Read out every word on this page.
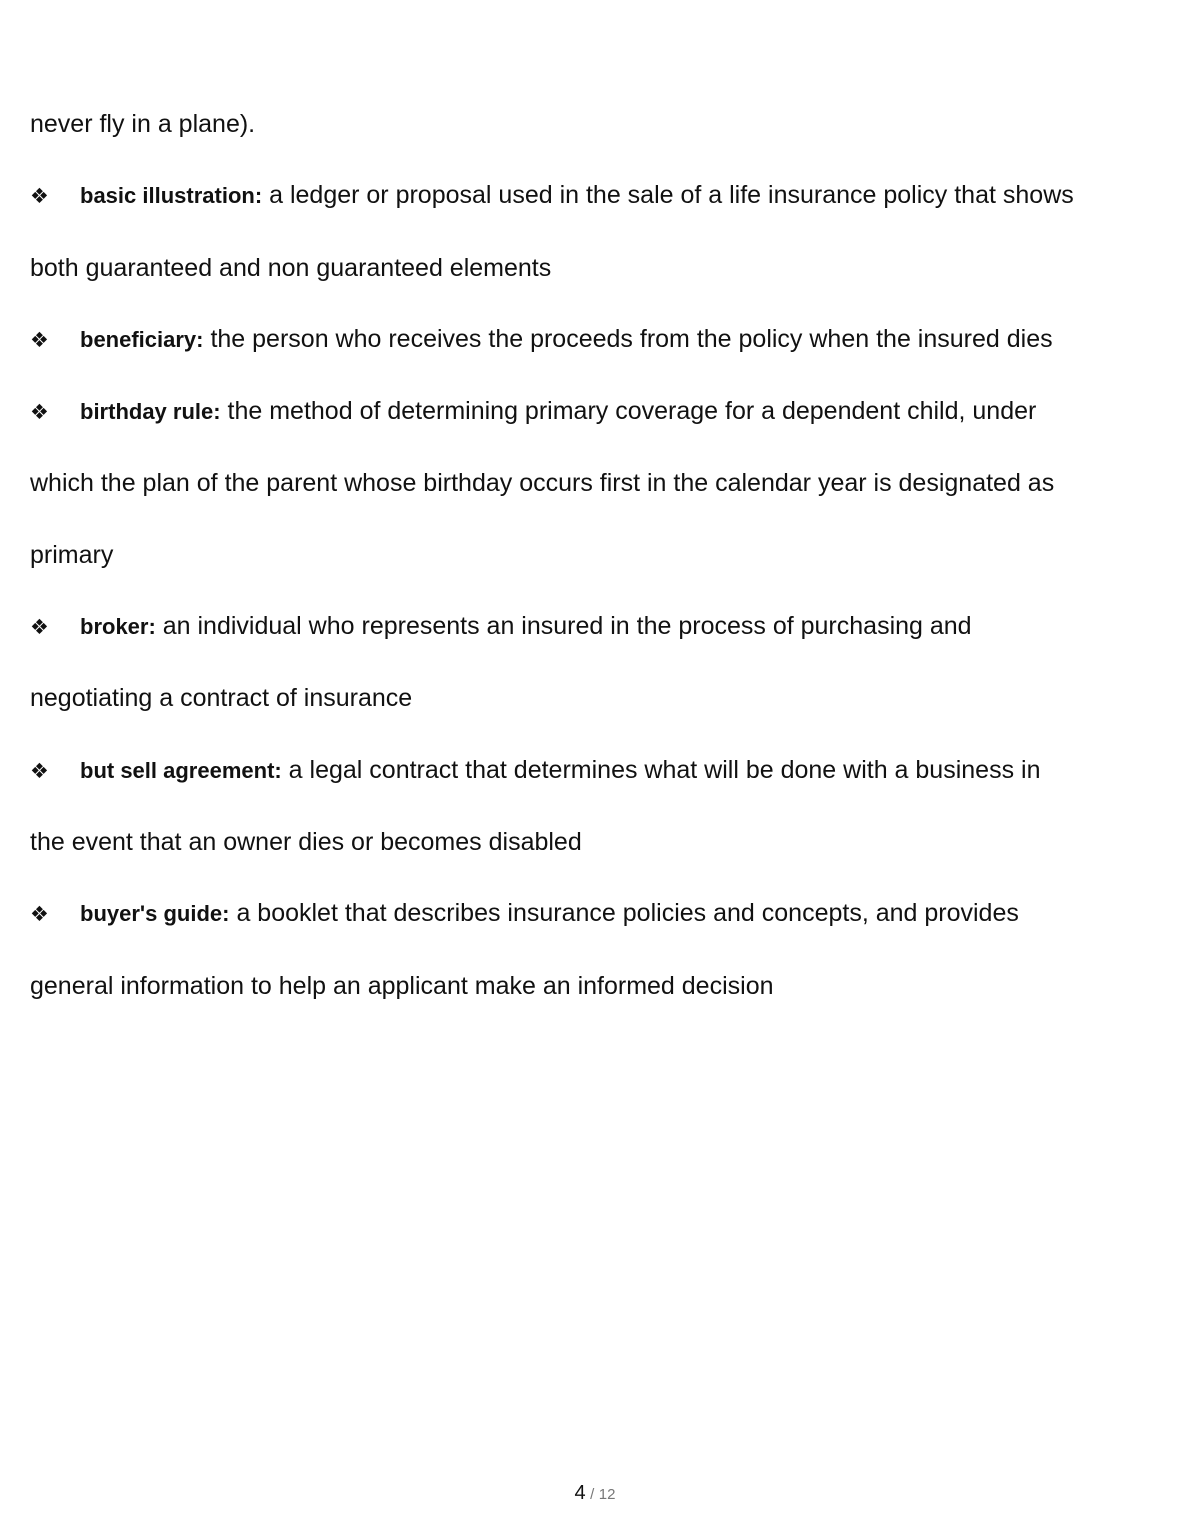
never fly in a plane).
❖ basic illustration: a ledger or proposal used in the sale of a life insurance policy that shows
both guaranteed and non guaranteed elements
❖ beneficiary: the person who receives the proceeds from the policy when the insured dies
❖ birthday rule: the method of determining primary coverage for a dependent child, under
which the plan of the parent whose birthday occurs first in the calendar year is designated as
primary
❖ broker: an individual who represents an insured in the process of purchasing and
negotiating a contract of insurance
❖ but sell agreement: a legal contract that determines what will be done with a business in
the event that an owner dies or becomes disabled
❖ buyer's guide: a booklet that describes insurance policies and concepts, and provides
general information to help an applicant make an informed decision
4 / 12
